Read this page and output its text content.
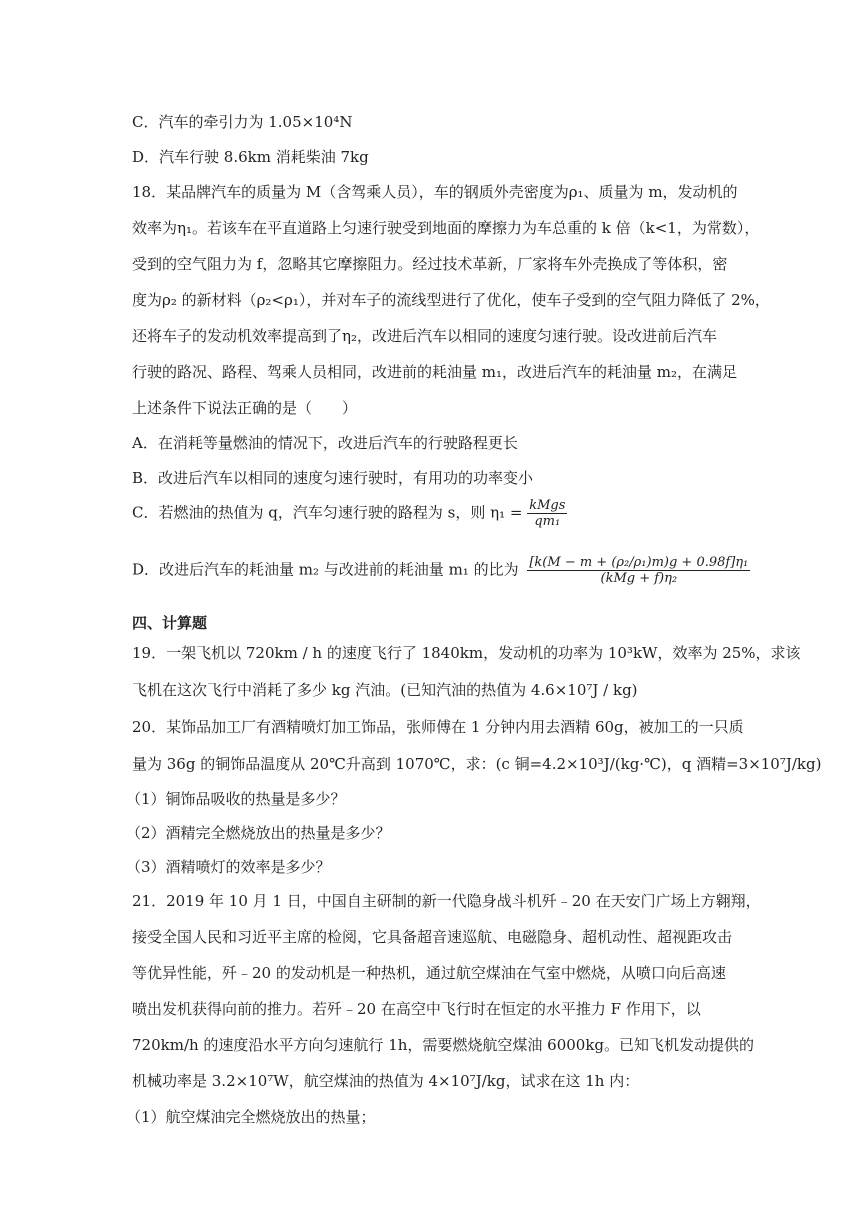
C．汽车的牵引力为 1.05×10⁴N
D．汽车行驶 8.6km 消耗柴油 7kg
18．某品牌汽车的质量为 M（含驾乘人员），车的钢质外壳密度为ρ₁、质量为 m，发动机的
效率为η₁。若该车在平直道路上匀速行驶受到地面的摩擦力为车总重的 k 倍（k<1，为常数），
受到的空气阻力为 f，忽略其它摩擦阻力。经过技术革新，厂家将车外壳换成了等体积，密
度为ρ₂ 的新材料（ρ₂<ρ₁），并对车子的流线型进行了优化，使车子受到的空气阻力降低了 2%，
还将车子的发动机效率提高到了η₂，改进后汽车以相同的速度匀速行驶。设改进前后汽车
行驶的路况、路程、驾乘人员相同，改进前的耗油量 m₁，改进后汽车的耗油量 m₂，在满足
上述条件下说法正确的是（　　）
A．在消耗等量燃油的情况下，改进后汽车的行驶路程更长
B．改进后汽车以相同的速度匀速行驶时，有用功的功率变小
C．若燃油的热值为 q，汽车匀速行驶的路程为 s，则 $\eta_1 = \frac{\text{kMgs}}{\text{qm₁}}$
D．改进后汽车的耗油量 m₂ 与改进前的耗油量 m₁ 的比为 $\frac{\text{[k(M − m + (ρ₂/ρ₁)m)g + 0.98f]η₁}}{\text{(kMg + f)η₂}}$
四、计算题
19．一架飞机以 720km / h 的速度飞行了 1840km，发动机的功率为 10³kW，效率为 25%，求该
飞机在这次飞行中消耗了多少 kg 汽油。(已知汽油的热值为 4.6×10⁷J / kg)
20．某饰品加工厂有酒精喷灯加工饰品，张师傅在 1 分钟内用去酒精 60g，被加工的一只质
量为 36g 的铜饰品温度从 20℃升高到 1070℃，求：(c 铜=4.2×10³J/(kg·℃)，q 酒精=3×10⁷J/kg)
（1）铜饰品吸收的热量是多少？
（2）酒精完全燃烧放出的热量是多少？
（3）酒精喷灯的效率是多少？
21．2019 年 10 月 1 日，中国自主研制的新一代隐身战斗机歼﹣20 在天安门广场上方翱翔，
接受全国人民和习近平主席的检阅，它具备超音速巡航、电磁隐身、超机动性、超视距攻击
等优异性能，歼﹣20 的发动机是一种热机，通过航空煤油在气室中燃烧，从喷口向后高速
喷出发机获得向前的推力。若歼﹣20 在高空中飞行时在恒定的水平推力 F 作用下，以
720km/h 的速度沿水平方向匀速航行 1h，需要燃烧航空煤油 6000kg。已知飞机发动提供的
机械功率是 3.2×10⁷W，航空煤油的热值为 4×10⁷J/kg，试求在这 1h 内：
（1）航空煤油完全燃烧放出的热量；
